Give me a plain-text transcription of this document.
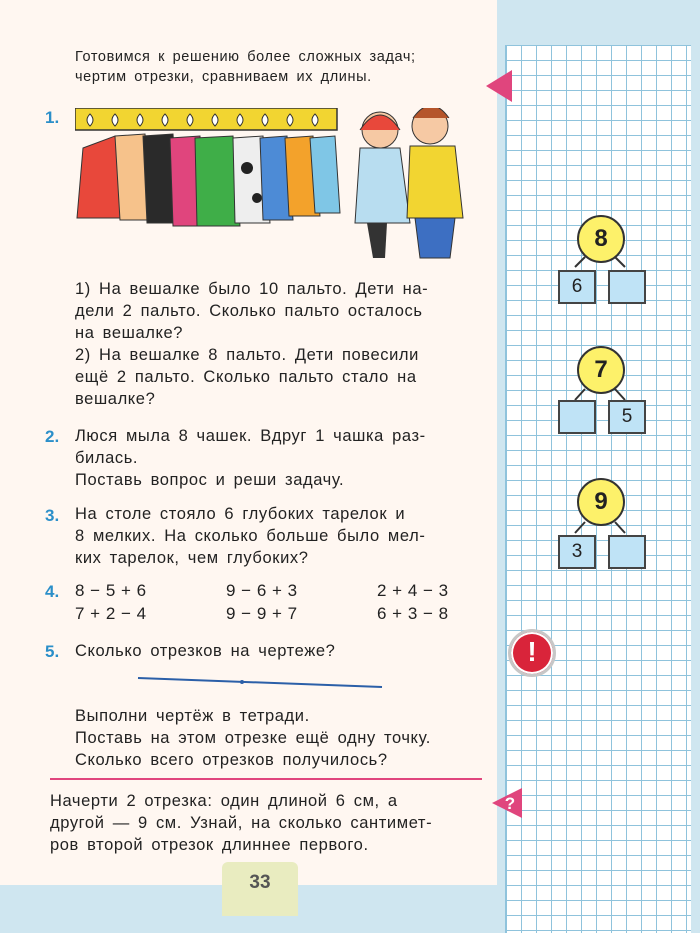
Готовимся к решению более сложных задач;
чертим отрезки, сравниваем их длины.
1.
1) На вешалке было 10 пальто. Дети на-
дели 2 пальто. Сколько пальто осталось
на вешалке?
2) На вешалке 8 пальто. Дети повесили
ещё 2 пальто. Сколько пальто стало на
вешалке?
2. Люся мыла 8 чашек. Вдруг 1 чашка раз-
билась.
Поставь вопрос и реши задачу.
3. На столе стояло 6 глубоких тарелок и
8 мелких. На сколько больше было мел-
ких тарелок, чем глубоких?
4. 8 − 5 + 6	9 − 6 + 3	2 + 4 − 3
7 + 2 − 4	9 − 9 + 7	6 + 3 − 8
5. Сколько отрезков на чертеже?
Выполни чертёж в тетради.
Поставь на этом отрезке ещё одну точку.
Сколько всего отрезков получилось?
Начерти 2 отрезка: один длиной 6 см, а
другой — 9 см. Узнай, на сколько сантимет-
ров второй отрезок длиннее первого.
?
33
8
6
7
5
9
3
!
